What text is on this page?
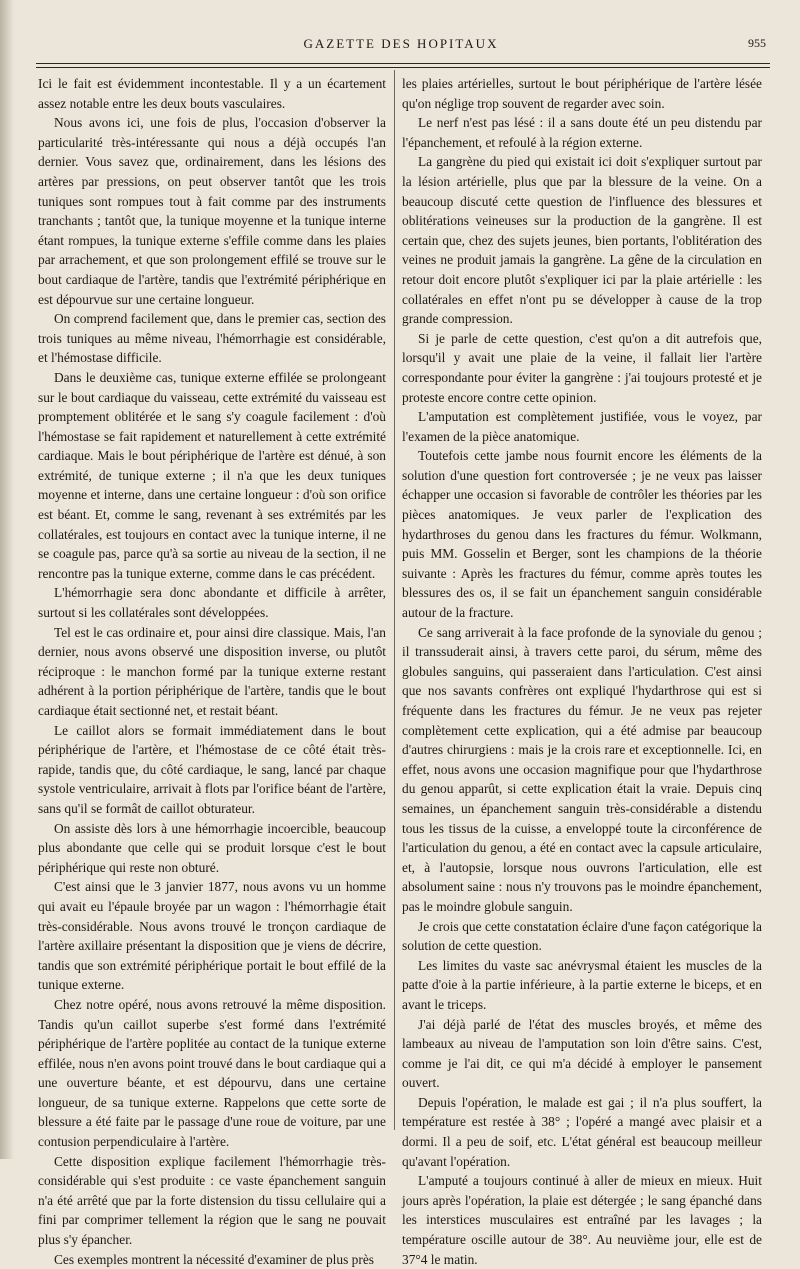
GAZETTE DES HOPITAUX	955

Ici le fait est évidemment incontestable. Il y a un écartement assez notable entre les deux bouts vasculaires.

Nous avons ici, une fois de plus, l'occasion d'observer la particularité très-intéressante qui nous a déjà occupés l'an dernier. Vous savez que, ordinairement, dans les lésions des artères par pressions, on peut observer tantôt que les trois tuniques sont rompues tout à fait comme par des instruments tranchants ; tantôt que, la tunique moyenne et la tunique interne étant rompues, la tunique externe s'effile comme dans les plaies par arrachement, et que son prolongement effilé se trouve sur le bout cardiaque de l'artère, tandis que l'extrémité périphérique en est dépourvue sur une certaine longueur.

On comprend facilement que, dans le premier cas, section des trois tuniques au même niveau, l'hémorrhagie est considérable, et l'hémostase difficile.

Dans le deuxième cas, tunique externe effilée se prolongeant sur le bout cardiaque du vaisseau, cette extrémité du vaisseau est promptement oblitérée et le sang s'y coagule facilement : d'où l'hémostase se fait rapidement et naturellement à cette extrémité cardiaque. Mais le bout périphérique de l'artère est dénué, à son extrémité, de tunique externe ; il n'a que les deux tuniques moyenne et interne, dans une certaine longueur : d'où son orifice est béant. Et, comme le sang, revenant à ses extrémités par les collatérales, est toujours en contact avec la tunique interne, il ne se coagule pas, parce qu'à sa sortie au niveau de la section, il ne rencontre pas la tunique externe, comme dans le cas précédent.

L'hémorrhagie sera donc abondante et difficile à arrêter, surtout si les collatérales sont développées.

Tel est le cas ordinaire et, pour ainsi dire classique. Mais, l'an dernier, nous avons observé une disposition inverse, ou plutôt réciproque : le manchon formé par la tunique externe restant adhérent à la portion périphérique de l'artère, tandis que le bout cardiaque était sectionné net, et restait béant.

Le caillot alors se formait immédiatement dans le bout périphérique de l'artère, et l'hémostase de ce côté était très-rapide, tandis que, du côté cardiaque, le sang, lancé par chaque systole ventriculaire, arrivait à flots par l'orifice béant de l'artère, sans qu'il se formât de caillot obturateur.

On assiste dès lors à une hémorrhagie incoercible, beaucoup plus abondante que celle qui se produit lorsque c'est le bout périphérique qui reste non obturé.

C'est ainsi que le 3 janvier 1877, nous avons vu un homme qui avait eu l'épaule broyée par un wagon : l'hémorrhagie était très-considérable. Nous avons trouvé le tronçon cardiaque de l'artère axillaire présentant la disposition que je viens de décrire, tandis que son extrémité périphérique portait le bout effilé de la tunique externe.

Chez notre opéré, nous avons retrouvé la même disposition. Tandis qu'un caillot superbe s'est formé dans l'extrémité périphérique de l'artère poplitée au contact de la tunique externe effilée, nous n'en avons point trouvé dans le bout cardiaque qui a une ouverture béante, et est dépourvu, dans une certaine longueur, de sa tunique externe. Rappelons que cette sorte de blessure a été faite par le passage d'une roue de voiture, par une contusion perpendiculaire à l'artère.

Cette disposition explique facilement l'hémorrhagie très-considérable qui s'est produite : ce vaste épanchement sanguin n'a été arrêté que par la forte distension du tissu cellulaire qui a fini par comprimer tellement la région que le sang ne pouvait plus s'y épancher.

Ces exemples montrent la nécessité d'examiner de plus près

les plaies artérielles, surtout le bout périphérique de l'artère lésée qu'on néglige trop souvent de regarder avec soin.

Le nerf n'est pas lésé : il a sans doute été un peu distendu par l'épanchement, et refoulé à la région externe.

La gangrène du pied qui existait ici doit s'expliquer surtout par la lésion artérielle, plus que par la blessure de la veine. On a beaucoup discuté cette question de l'influence des blessures et oblitérations veineuses sur la production de la gangrène. Il est certain que, chez des sujets jeunes, bien portants, l'oblitération des veines ne produit jamais la gangrène. La gêne de la circulation en retour doit encore plutôt s'expliquer ici par la plaie artérielle : les collatérales en effet n'ont pu se développer à cause de la trop grande compression.

Si je parle de cette question, c'est qu'on a dit autrefois que, lorsqu'il y avait une plaie de la veine, il fallait lier l'artère correspondante pour éviter la gangrène : j'ai toujours protesté et je proteste encore contre cette opinion.

L'amputation est complètement justifiée, vous le voyez, par l'examen de la pièce anatomique.

Toutefois cette jambe nous fournit encore les éléments de la solution d'une question fort controversée ; je ne veux pas laisser échapper une occasion si favorable de contrôler les théories par les pièces anatomiques. Je veux parler de l'explication des hydarthroses du genou dans les fractures du fémur. Wolkmann, puis MM. Gosselin et Berger, sont les champions de la théorie suivante : Après les fractures du fémur, comme après toutes les blessures des os, il se fait un épanchement sanguin considérable autour de la fracture.

Ce sang arriverait à la face profonde de la synoviale du genou ; il transsuderait ainsi, à travers cette paroi, du sérum, même des globules sanguins, qui passeraient dans l'articulation. C'est ainsi que nos savants confrères ont expliqué l'hydarthrose qui est si fréquente dans les fractures du fémur. Je ne veux pas rejeter complètement cette explication, qui a été admise par beaucoup d'autres chirurgiens : mais je la crois rare et exceptionnelle. Ici, en effet, nous avons une occasion magnifique pour que l'hydarthrose du genou apparût, si cette explication était la vraie. Depuis cinq semaines, un épanchement sanguin très-considérable a distendu tous les tissus de la cuisse, a enveloppé toute la circonférence de l'articulation du genou, a été en contact avec la capsule articulaire, et, à l'autopsie, lorsque nous ouvrons l'articulation, elle est absolument saine : nous n'y trouvons pas le moindre épanchement, pas le moindre globule sanguin.

Je crois que cette constatation éclaire d'une façon catégorique la solution de cette question.

Les limites du vaste sac anévrysmal étaient les muscles de la patte d'oie à la partie inférieure, à la partie externe le biceps, et en avant le triceps.

J'ai déjà parlé de l'état des muscles broyés, et même des lambeaux au niveau de l'amputation son loin d'être sains. C'est, comme je l'ai dit, ce qui m'a décidé à employer le pansement ouvert.

Depuis l'opération, le malade est gai ; il n'a plus souffert, la température est restée à 38° ; l'opéré a mangé avec plaisir et a dormi. Il a peu de soif, etc. L'état général est beaucoup meilleur qu'avant l'opération.

L'amputé a toujours continué à aller de mieux en mieux. Huit jours après l'opération, la plaie est détergée ; le sang épanché dans les interstices musculaires est entraîné par les lavages ; la température oscille autour de 38°. Au neuvième jour, elle est de 37°4 le matin.
